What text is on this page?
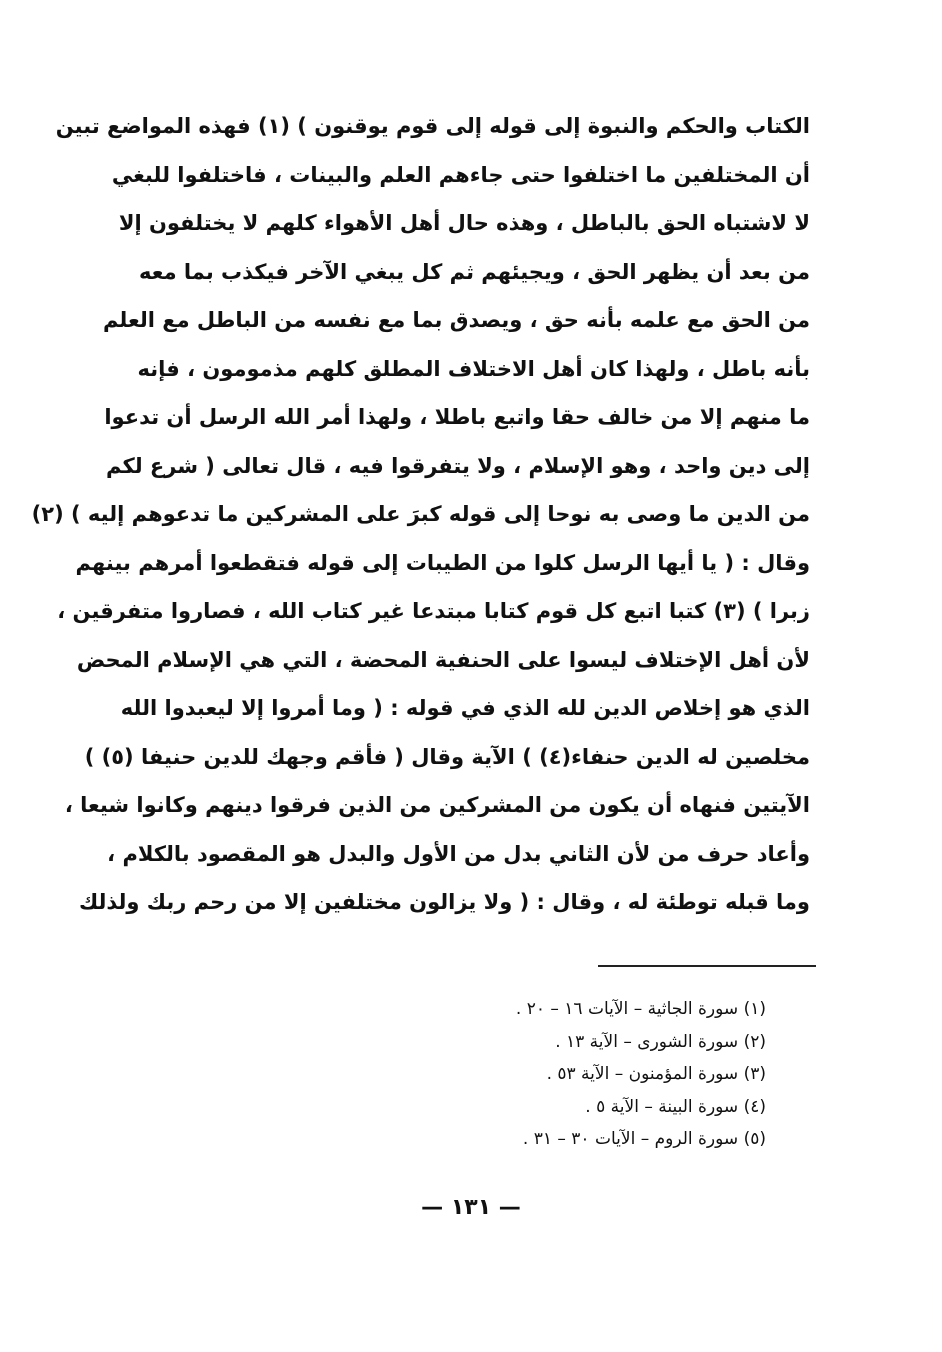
الكتاب والحكم والنبوة إلى قوله إلى قوم يوقنون ) (١) فهذه المواضع تبين
أن المختلفين ما اختلفوا حتى جاءهم العلم والبينات ، فاختلفوا للبغي
لا لاشتباه الحق بالباطل ، وهذه حال أهل الأهواء كلهم لا يختلفون إلا
من بعد أن يظهر الحق ، ويجيئهم ثم كل يبغي الآخر فيكذب بما معه
من الحق مع علمه بأنه حق ، ويصدق بما مع نفسه من الباطل مع العلم
بأنه باطل ، ولهذا كان أهل الاختلاف المطلق كلهم مذمومون ، فإنه
ما منهم إلا من خالف حقا واتبع باطلا ، ولهذا أمر الله الرسل أن تدعوا
إلى دين واحد ، وهو الإسلام ، ولا يتفرقوا فيه ، قال تعالى ( شرع لكم
من الدين ما وصى به نوحا إلى قوله كبرَ على المشركين ما تدعوهم إليه ) (٢)
وقال : ( يا أيها الرسل كلوا من الطيبات إلى قوله فتقطعوا أمرهم بينهم
زبرا ) (٣) كتبا اتبع كل قوم كتابا مبتدعا غير كتاب الله ، فصاروا متفرقين ،
لأن أهل الإختلاف ليسوا على الحنفية المحضة ، التي هي الإسلام المحض
الذي هو إخلاص الدين لله الذي في قوله : ( وما أمروا إلا ليعبدوا الله
مخلصين له الدين حنفاء(٤) ) الآية وقال ( فأقم وجهك للدين حنيفا (٥) )
الآيتين فنهاه أن يكون من المشركين من الذين فرقوا دينهم وكانوا شيعا ،
وأعاد حرف من لأن الثاني بدل من الأول والبدل هو المقصود بالكلام ،
وما قبله توطئة له ، وقال : ( ولا يزالون مختلفين إلا من رحم ربك ولذلك
(١) سورة الجاثية – الآيات ١٦ – ٢٠ .
(٢) سورة الشورى – الآية ١٣ .
(٣) سورة المؤمنون – الآية ٥٣ .
(٤) سورة البينة – الآية ٥ .
(٥) سورة الروم – الآيات ٣٠ – ٣١ .
— ١٣١ —
